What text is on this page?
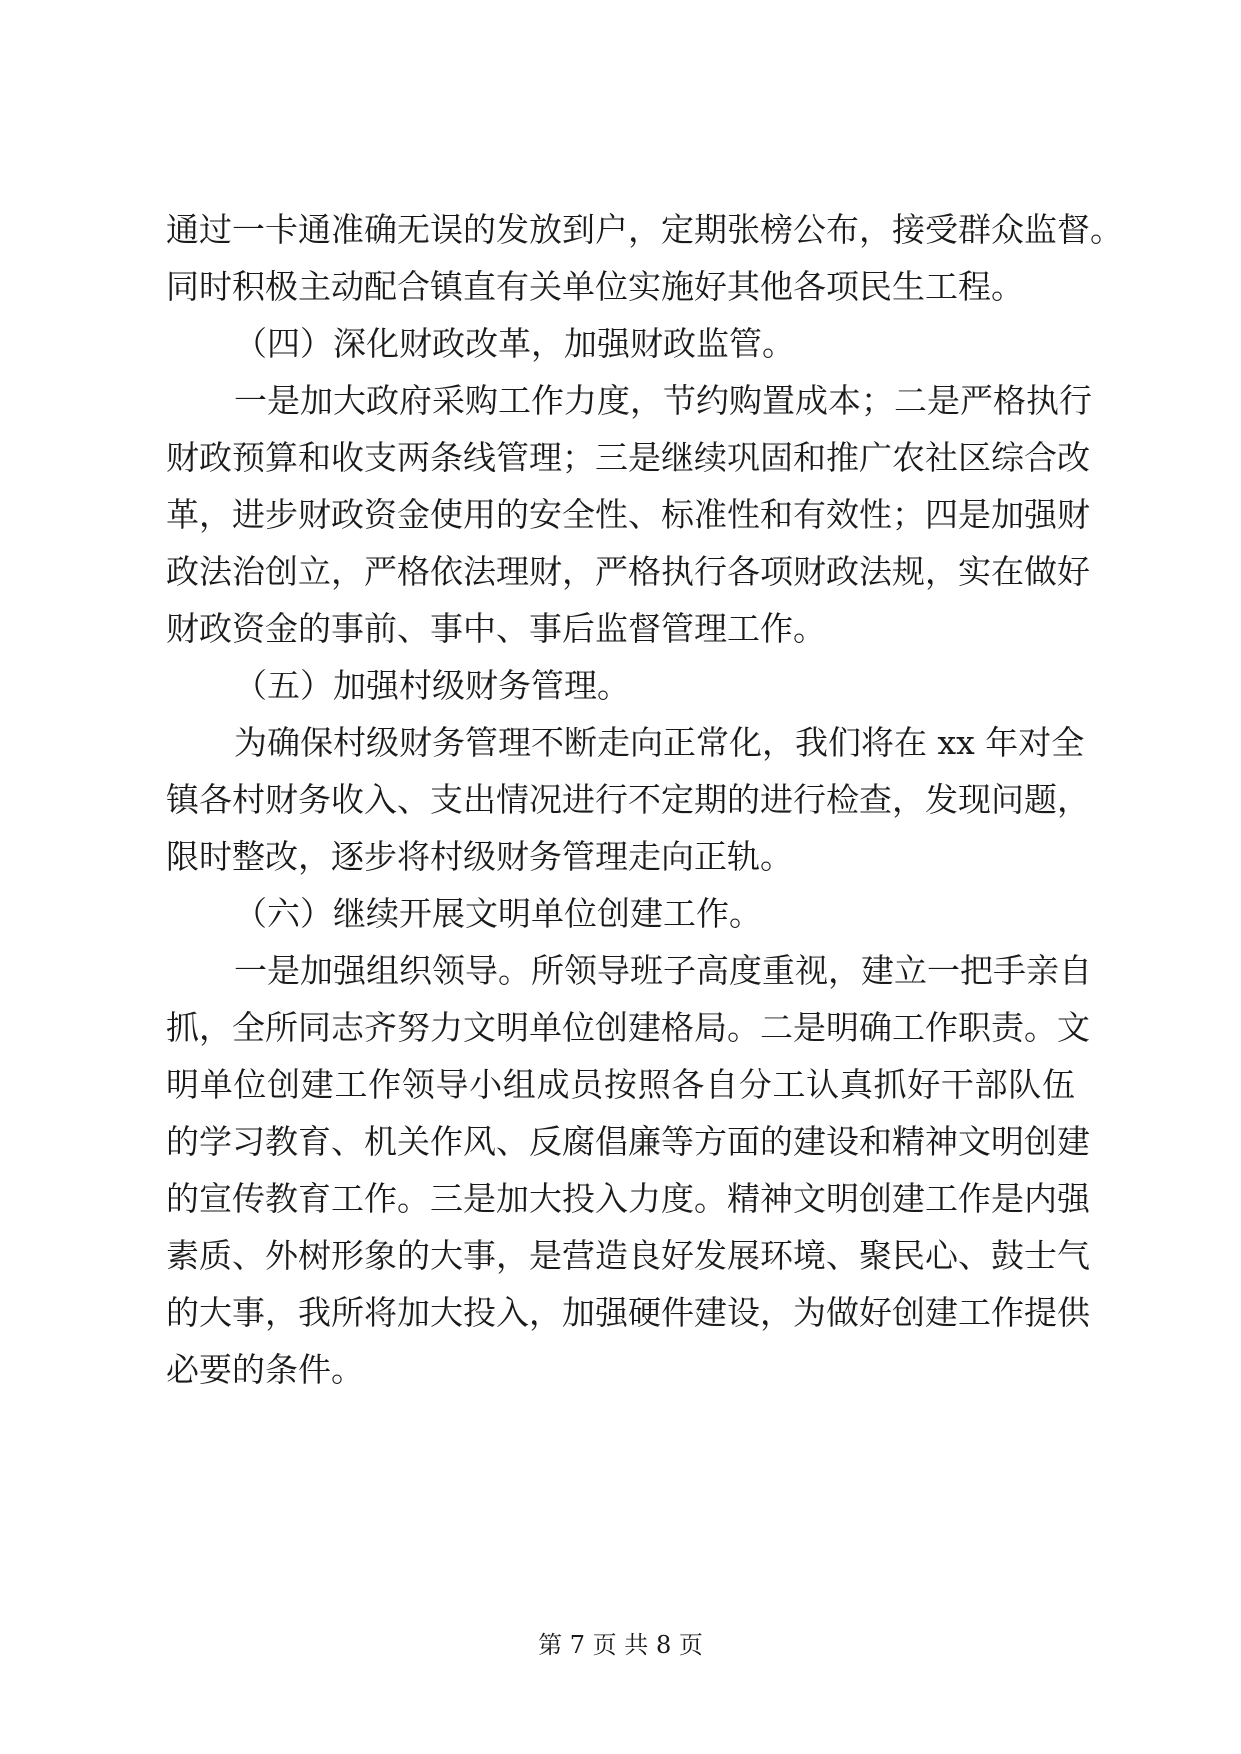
通过一卡通准确无误的发放到户，定期张榜公布，接受群众监督。
同时积极主动配合镇直有关单位实施好其他各项民生工程。
（四）深化财政改革，加强财政监管。
一是加大政府采购工作力度，节约购置成本；二是严格执行
财政预算和收支两条线管理；三是继续巩固和推广农社区综合改
革，进步财政资金使用的安全性、标准性和有效性；四是加强财
政法治创立，严格依法理财，严格执行各项财政法规，实在做好
财政资金的事前、事中、事后监督管理工作。
（五）加强村级财务管理。
为确保村级财务管理不断走向正常化，我们将在 xx 年对全
镇各村财务收入、支出情况进行不定期的进行检查，发现问题，
限时整改，逐步将村级财务管理走向正轨。
（六）继续开展文明单位创建工作。
一是加强组织领导。所领导班子高度重视，建立一把手亲自
抓，全所同志齐努力文明单位创建格局。二是明确工作职责。文
明单位创建工作领导小组成员按照各自分工认真抓好干部队伍
的学习教育、机关作风、反腐倡廉等方面的建设和精神文明创建
的宣传教育工作。三是加大投入力度。精神文明创建工作是内强
素质、外树形象的大事，是营造良好发展环境、聚民心、鼓士气
的大事，我所将加大投入，加强硬件建设，为做好创建工作提供
必要的条件。
第 7 页 共 8 页
